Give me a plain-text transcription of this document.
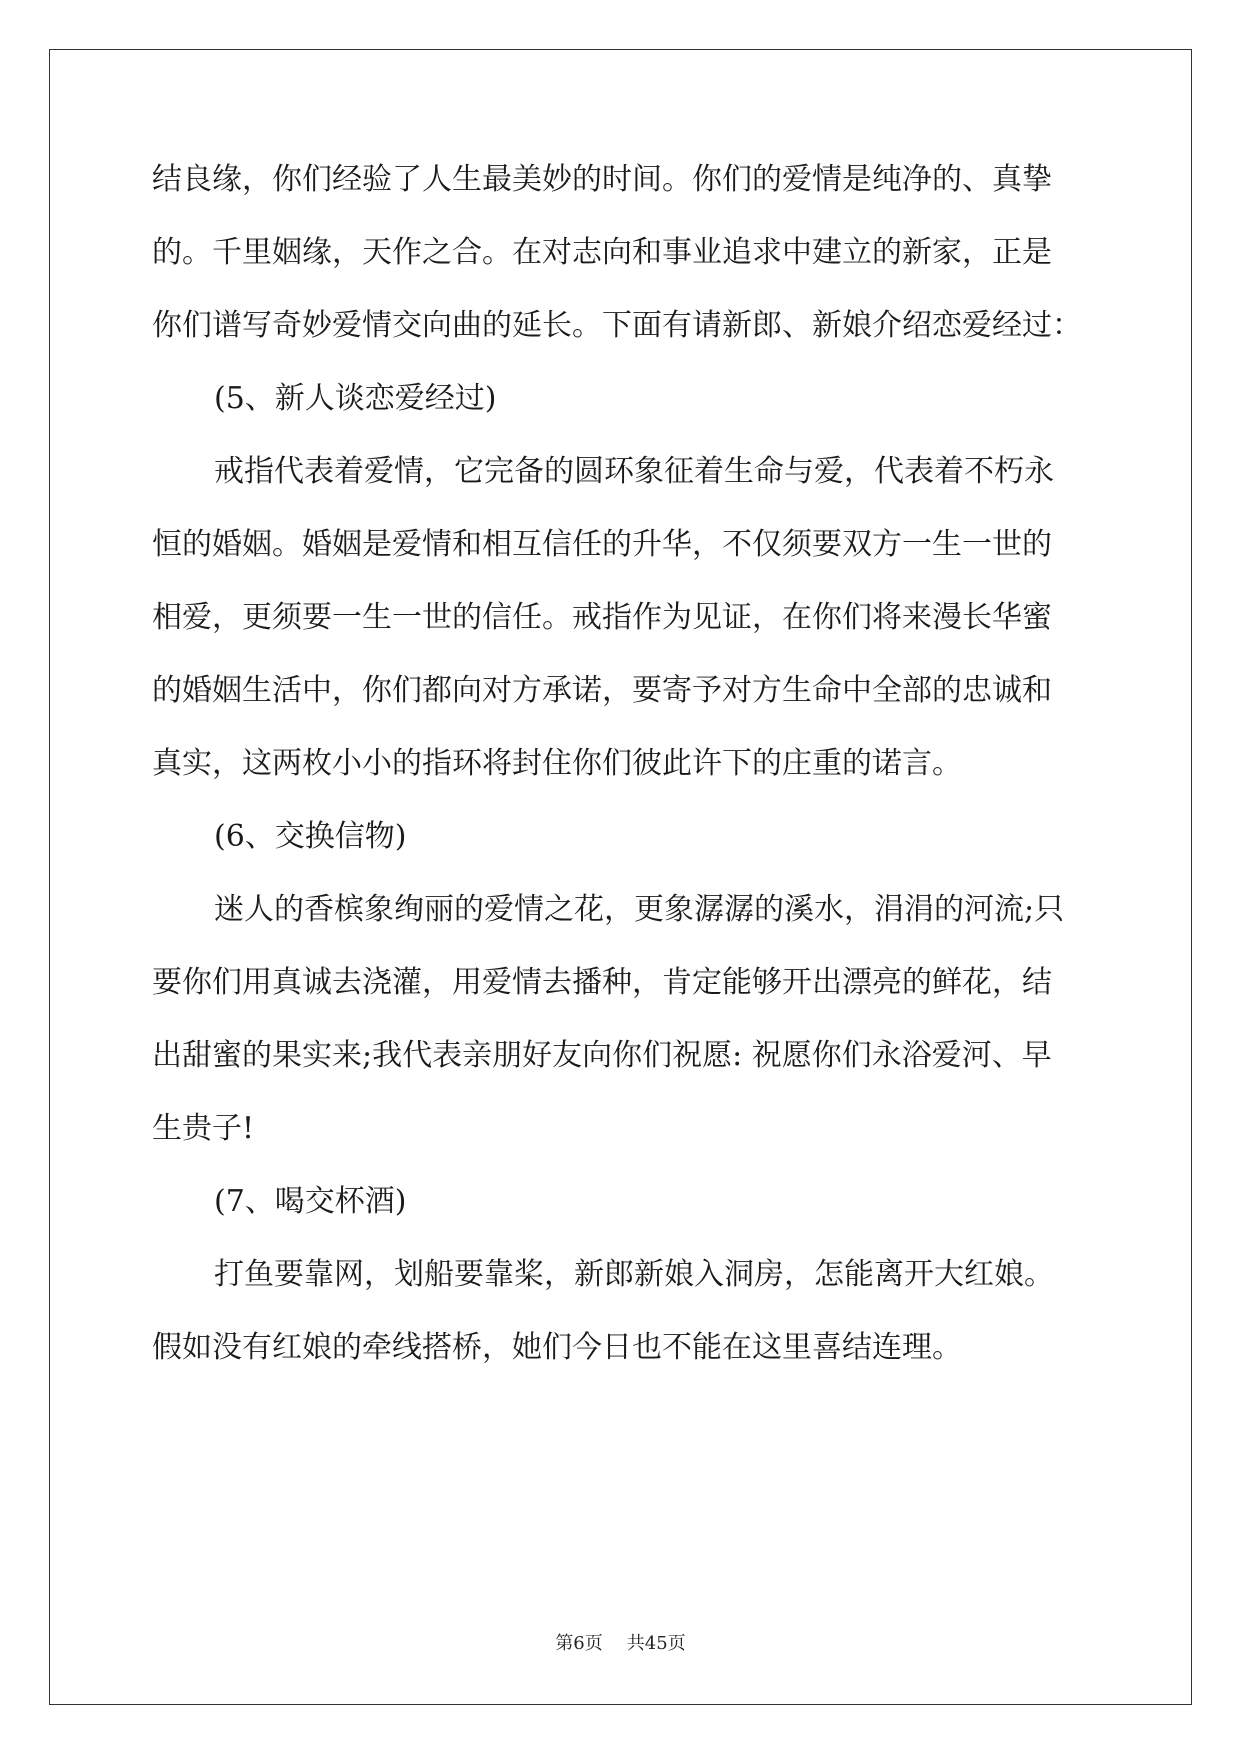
结良缘，你们经验了人生最美妙的时间。你们的爱情是纯净的、真挚
的。千里姻缘，天作之合。在对志向和事业追求中建立的新家，正是
你们谱写奇妙爱情交向曲的延长。下面有请新郎、新娘介绍恋爱经过：
(5、新人谈恋爱经过)
戒指代表着爱情，它完备的圆环象征着生命与爱，代表着不朽永
恒的婚姻。婚姻是爱情和相互信任的升华，不仅须要双方一生一世的
相爱，更须要一生一世的信任。戒指作为见证，在你们将来漫长华蜜
的婚姻生活中，你们都向对方承诺，要寄予对方生命中全部的忠诚和
真实，这两枚小小的指环将封住你们彼此许下的庄重的诺言。
(6、交换信物)
迷人的香槟象绚丽的爱情之花，更象潺潺的溪水，涓涓的河流;只
要你们用真诚去浇灌，用爱情去播种，肯定能够开出漂亮的鲜花，结
出甜蜜的果实来;我代表亲朋好友向你们祝愿: 祝愿你们永浴爱河、早
生贵子!
(7、喝交杯酒)
打鱼要靠网，划船要靠桨，新郎新娘入洞房，怎能离开大红娘。
假如没有红娘的牵线搭桥，她们今日也不能在这里喜结连理。
第6页 共45页
